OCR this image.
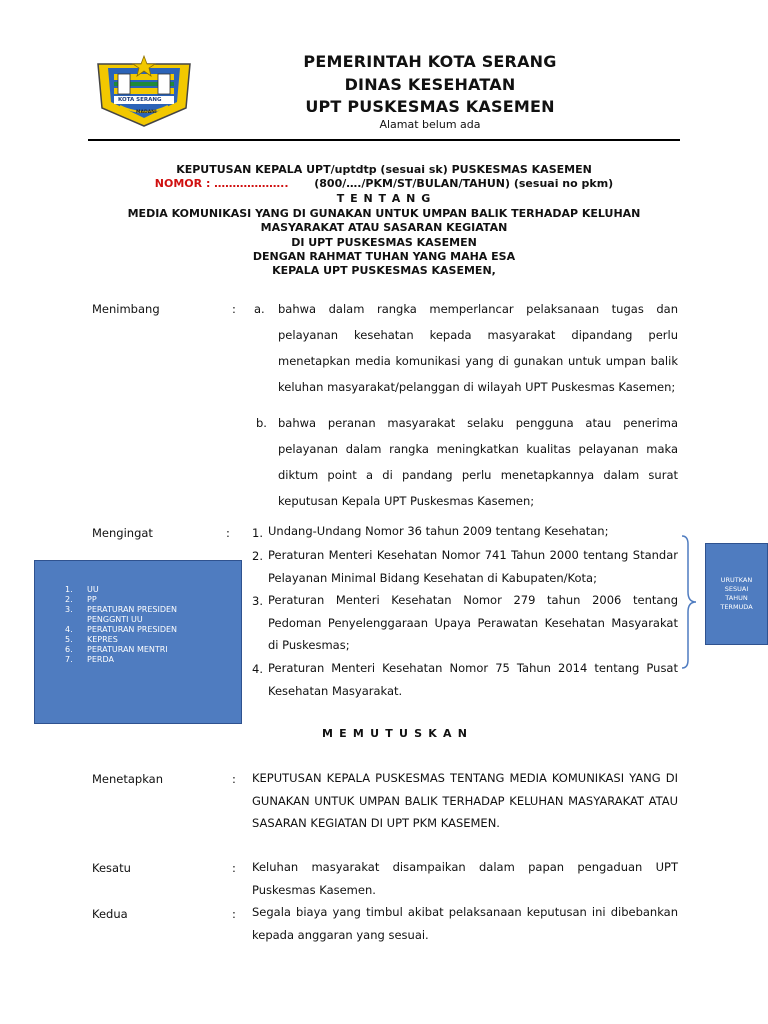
KOTA SERANG
MADANI
PEMERINTAH KOTA SERANG
DINAS KESEHATAN
UPT PUSKESMAS KASEMEN
Alamat belum ada
KEPUTUSAN KEPALA UPT/uptdtp (sesuai sk) PUSKESMAS KASEMEN
NOMOR : ……………….. (800/…./PKM/ST/BULAN/TAHUN) (sesuai no pkm)
T E N T A N G
MEDIA KOMUNIKASI YANG DI GUNAKAN UNTUK UMPAN BALIK TERHADAP KELUHAN
MASYARAKAT ATAU SASARAN KEGIATAN
DI UPT PUSKESMAS KASEMEN
DENGAN RAHMAT TUHAN YANG MAHA ESA
KEPALA UPT PUSKESMAS KASEMEN,
Menimbang	: a. bahwa dalam rangka memperlancar pelaksanaan tugas dan pelayanan kesehatan kepada masyarakat dipandang perlu menetapkan media komunikasi yang di gunakan untuk umpan balik keluhan masyarakat/pelanggan di wilayah UPT Puskesmas Kasemen;

b. bahwa peranan masyarakat selaku pengguna atau penerima pelayanan dalam rangka meningkatkan kualitas pelayanan maka diktum point a di pandang perlu menetapkannya dalam surat keputusan Kepala UPT Puskesmas Kasemen;

Mengingat	: 1. Undang-Undang Nomor 36 tahun 2009 tentang Kesehatan;

2. Peraturan Menteri Kesehatan Nomor 741 Tahun 2000 tentang Standar Pelayanan Minimal Bidang Kesehatan di Kabupaten/Kota;

3. Peraturan Menteri Kesehatan Nomor 279 tahun 2006 tentang Pedoman Penyelenggaraan Upaya Perawatan Kesehatan Masyarakat di Puskesmas;

4. Peraturan Menteri Kesehatan Nomor 75 Tahun 2014 tentang Pusat Kesehatan Masyarakat.

URUTKAN
SESUAI
TAHUN
TERMUDA
1. UU
2. PP
3. PERATURAN PRESIDEN
PENGGNTI UU
4. PERATURAN PRESIDEN
5. KEPRES
6. PERATURAN MENTRI
7. PERDA
M E M U T U S K A N
Menetapkan	: KEPUTUSAN KEPALA PUSKESMAS TENTANG MEDIA KOMUNIKASI YANG DI GUNAKAN UNTUK UMPAN BALIK TERHADAP KELUHAN MASYARAKAT ATAU SASARAN KEGIATAN DI UPT PKM KASEMEN.

Kesatu	: Keluhan masyarakat disampaikan dalam papan pengaduan UPT Puskesmas Kasemen.

Kedua	: Segala biaya yang timbul akibat pelaksanaan keputusan ini dibebankan kepada anggaran yang sesuai.
